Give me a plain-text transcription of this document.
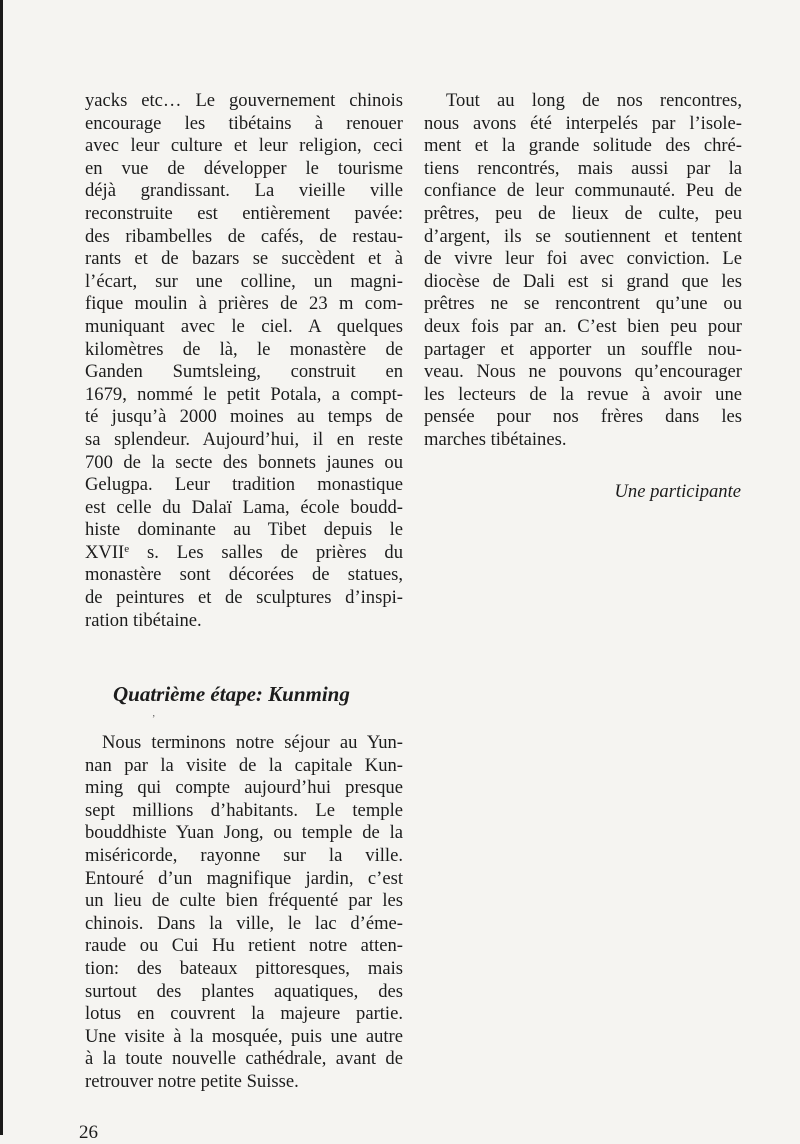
yacks etc… Le gouvernement chinois

encourage les tibétains à renouer

avec leur culture et leur religion, ceci

en vue de développer le tourisme

déjà grandissant. La vieille ville

reconstruite est entièrement pavée:

des ribambelles de cafés, de restau-

rants et de bazars se succèdent et à

l’écart, sur une colline, un magni-

fique moulin à prières de 23 m com-

muniquant avec le ciel. A quelques

kilomètres de là, le monastère de

Ganden Sumtsleing, construit en

1679, nommé le petit Potala, a compt-

té jusqu’à 2000 moines au temps de

sa splendeur. Aujourd’hui, il en reste

700 de la secte des bonnets jaunes ou

Gelugpa. Leur tradition monastique

est celle du Dalaï Lama, école boudd-

histe dominante au Tibet depuis le

XVIIe s. Les salles de prières du

monastère sont décorées de statues,

de peintures et de sculptures d’inspi-

ration tibétaine.

Quatrième étape: Kunming
’

Nous terminons notre séjour au Yun-

nan par la visite de la capitale Kun-

ming qui compte aujourd’hui presque

sept millions d’habitants. Le temple

bouddhiste Yuan Jong, ou temple de la

miséricorde, rayonne sur la ville.

Entouré d’un magnifique jardin, c’est

un lieu de culte bien fréquenté par les

chinois. Dans la ville, le lac d’éme-

raude ou Cui Hu retient notre atten-

tion: des bateaux pittoresques, mais

surtout des plantes aquatiques, des

lotus en couvrent la majeure partie.

Une visite à la mosquée, puis une autre

à la toute nouvelle cathédrale, avant de

retrouver notre petite Suisse.

Tout au long de nos rencontres,

nous avons été interpelés par l’isole-

ment et la grande solitude des chré-

tiens rencontrés, mais aussi par la

confiance de leur communauté. Peu de

prêtres, peu de lieux de culte, peu

d’argent, ils se soutiennent et tentent

de vivre leur foi avec conviction. Le

diocèse de Dali est si grand que les

prêtres ne se rencontrent qu’une ou

deux fois par an. C’est bien peu pour

partager et apporter un souffle nou-

veau. Nous ne pouvons qu’encourager

les lecteurs de la revue à avoir une

pensée pour nos frères dans les

marches tibétaines.

Une participante
26
